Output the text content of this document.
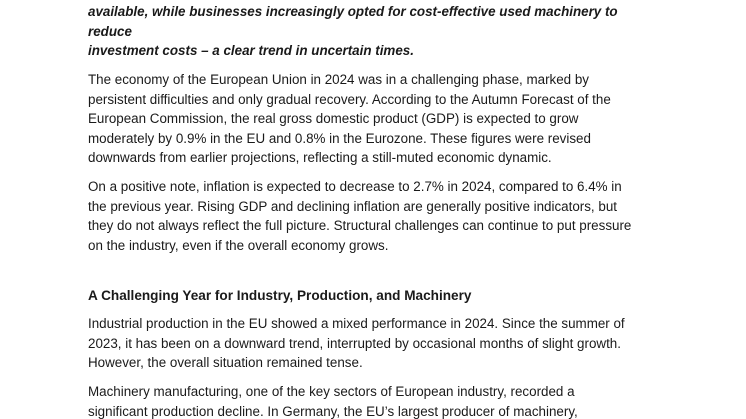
available, while businesses increasingly opted for cost-effective used machinery to reduce
investment costs – a clear trend in uncertain times.

The economy of the European Union in 2024 was in a challenging phase, marked by
persistent difficulties and only gradual recovery. According to the Autumn Forecast of the
European Commission, the real gross domestic product (GDP) is expected to grow
moderately by 0.9% in the EU and 0.8% in the Eurozone. These figures were revised
downwards from earlier projections, reflecting a still-muted economic dynamic.

On a positive note, inflation is expected to decrease to 2.7% in 2024, compared to 6.4% in
the previous year. Rising GDP and declining inflation are generally positive indicators, but
they do not always reflect the full picture. Structural challenges can continue to put pressure
on the industry, even if the overall economy grows.

A Challenging Year for Industry, Production, and Machinery

Industrial production in the EU showed a mixed performance in 2024. Since the summer of
2023, it has been on a downward trend, interrupted by occasional months of slight growth.
However, the overall situation remained tense.

Machinery manufacturing, one of the key sectors of European industry, recorded a
significant production decline. In Germany, the EU’s largest producer of machinery,
